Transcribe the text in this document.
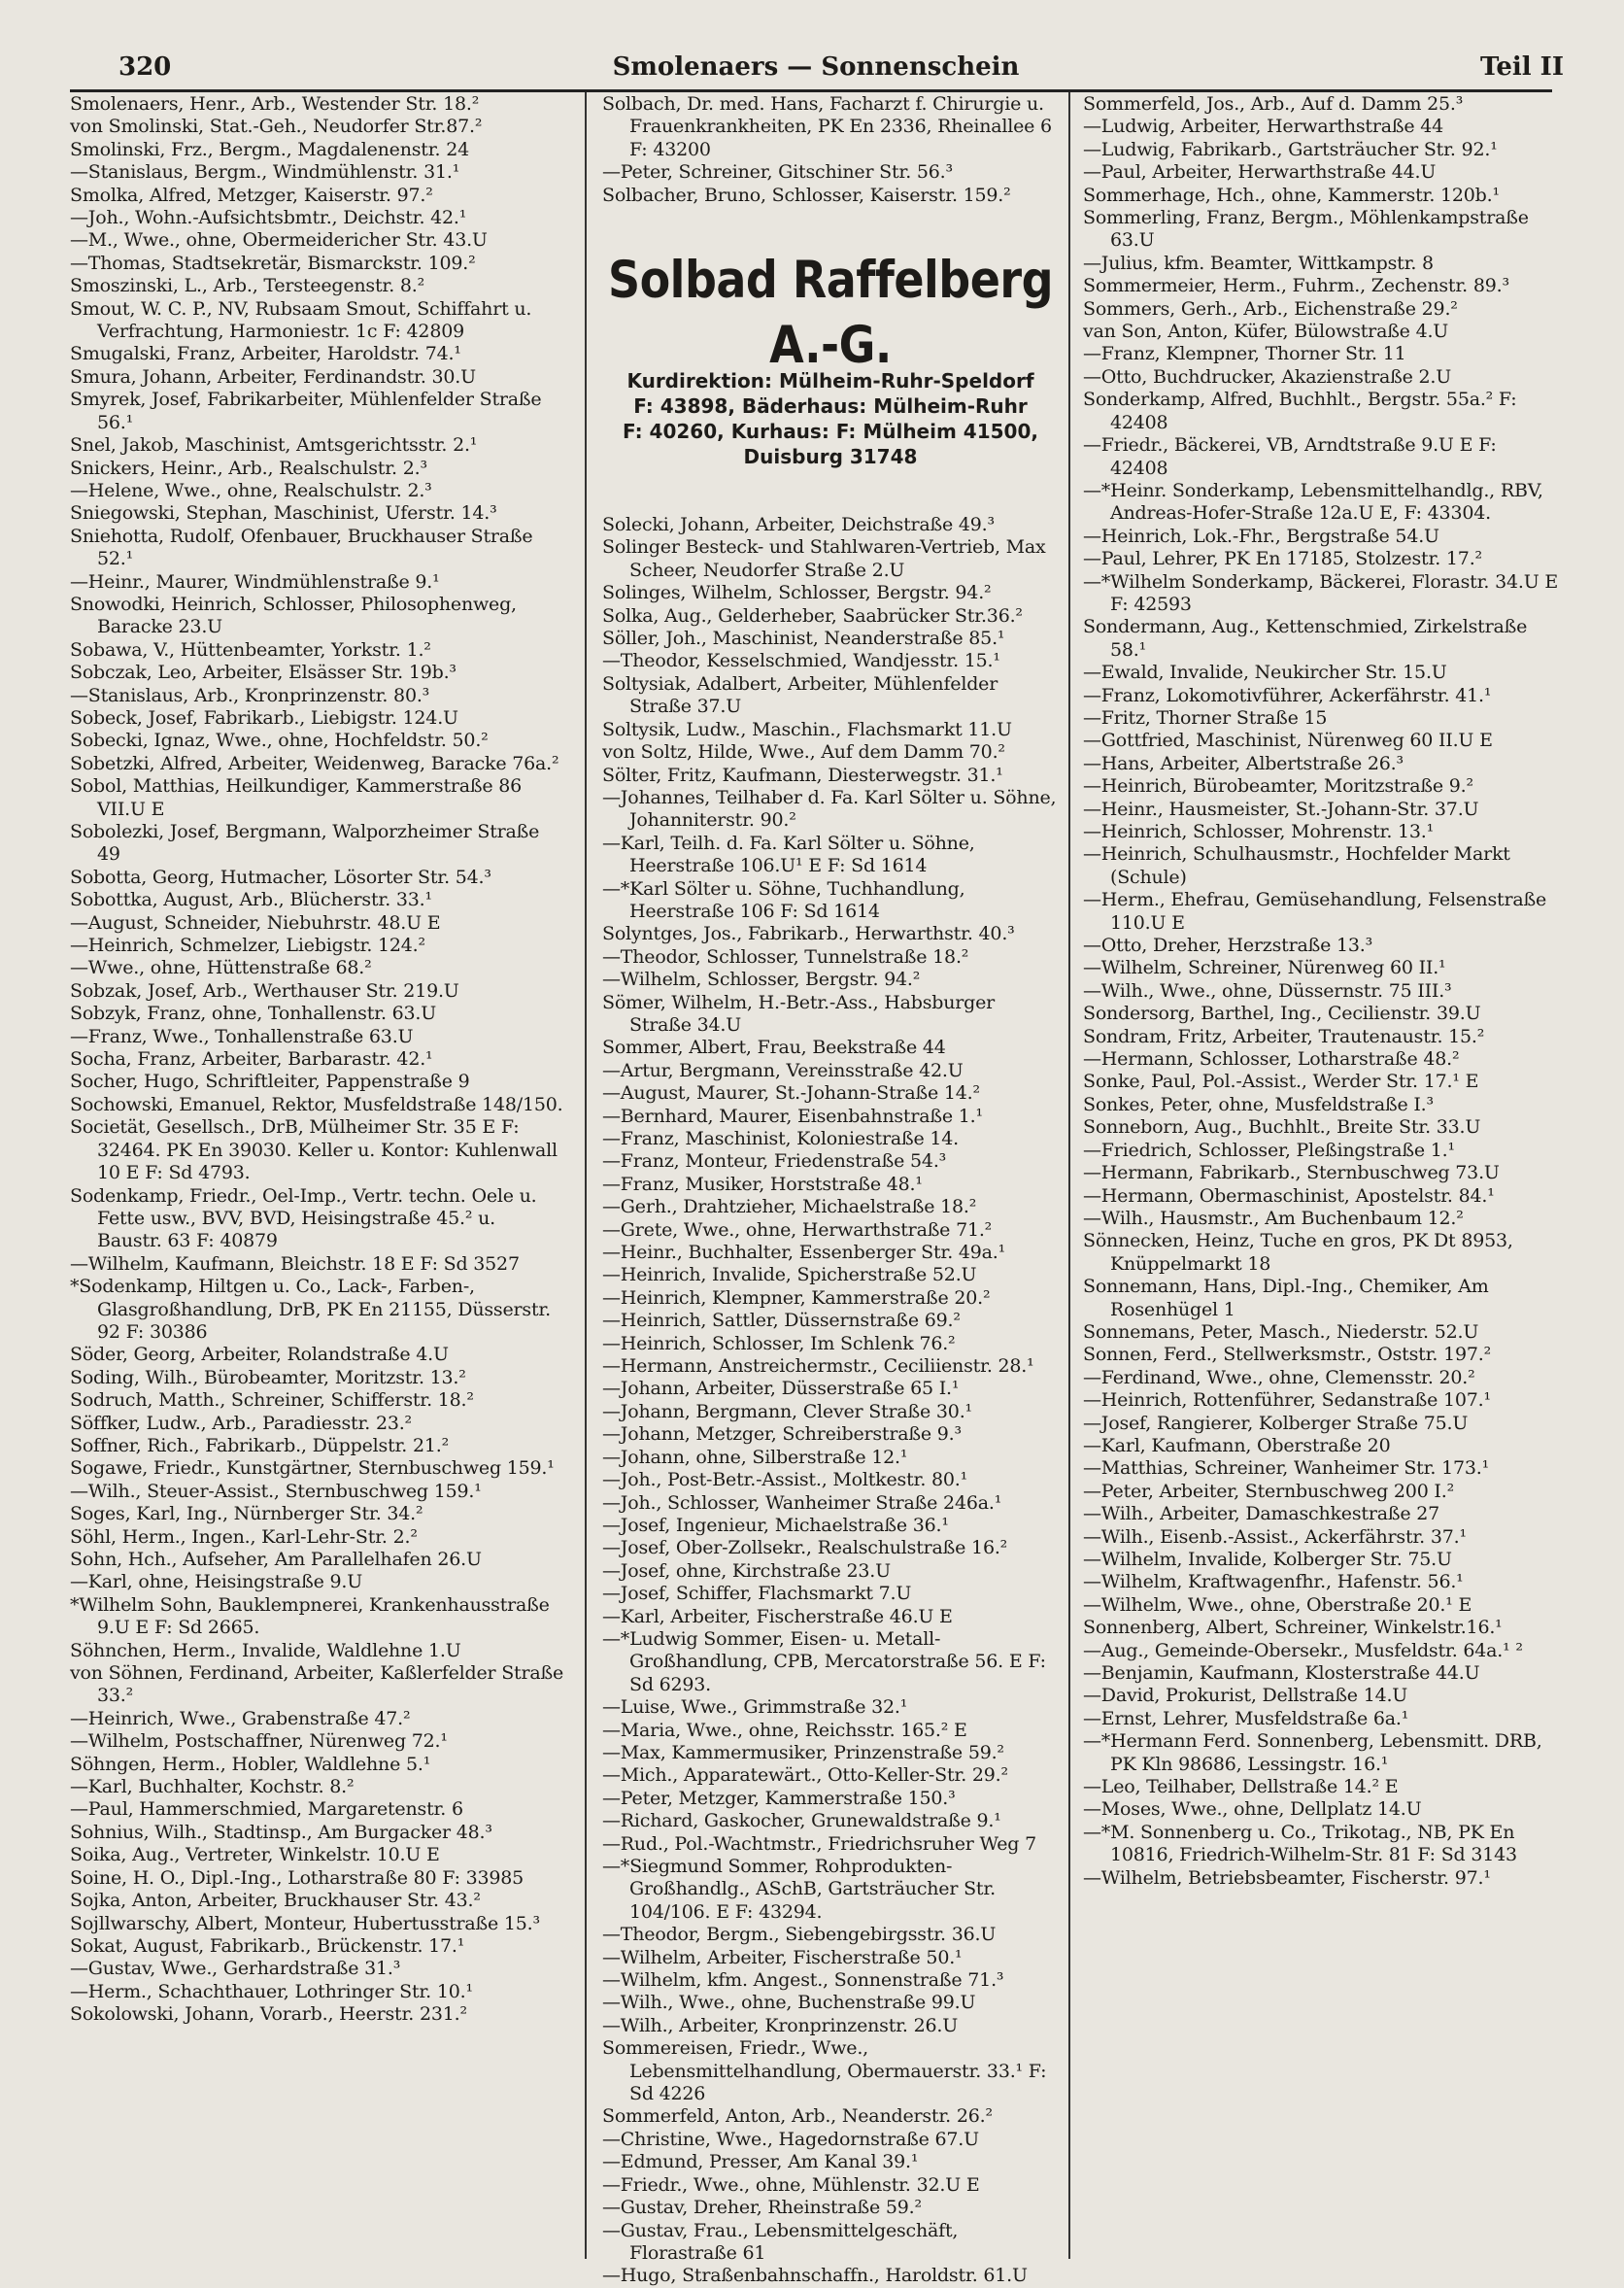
320	Smolenaers — Sonnenschein	Teil II

Smolenaers, Henr., Arb., Westender Str. 18.²

von Smolinski, Stat.-Geh., Neudorfer Str.87.²

Smolinski, Frz., Bergm., Magdalenenstr. 24

—Stanislaus, Bergm., Windmühlenstr. 31.¹

Smolka, Alfred, Metzger, Kaiserstr. 97.²

—Joh., Wohn.-Aufsichtsbmtr., Deichstr. 42.¹

—M., Wwe., ohne, Obermeidericher Str. 43.U

—Thomas, Stadtsekretär, Bismarckstr. 109.²

Smoszinski, L., Arb., Tersteegenstr. 8.²

Smout, W. C. P., NV, Rubsaam Smout, Schiffahrt u. Verfrachtung, Harmoniestr. 1c F: 42809

Smugalski, Franz, Arbeiter, Haroldstr. 74.¹

Smura, Johann, Arbeiter, Ferdinandstr. 30.U

Smyrek, Josef, Fabrikarbeiter, Mühlenfelder Straße 56.¹

Snel, Jakob, Maschinist, Amtsgerichtsstr. 2.¹

Snickers, Heinr., Arb., Realschulstr. 2.³

—Helene, Wwe., ohne, Realschulstr. 2.³

Sniegowski, Stephan, Maschinist, Uferstr. 14.³

Sniehotta, Rudolf, Ofenbauer, Bruckhauser Straße 52.¹

—Heinr., Maurer, Windmühlenstraße 9.¹

Snowodki, Heinrich, Schlosser, Philosophenweg, Baracke 23.U

Sobawa, V., Hüttenbeamter, Yorkstr. 1.²

Sobczak, Leo, Arbeiter, Elsässer Str. 19b.³

—Stanislaus, Arb., Kronprinzenstr. 80.³

Sobeck, Josef, Fabrikarb., Liebigstr. 124.U

Sobecki, Ignaz, Wwe., ohne, Hochfeldstr. 50.²

Sobetzki, Alfred, Arbeiter, Weidenweg, Baracke 76a.²

Sobol, Matthias, Heilkundiger, Kammerstraße 86 VII.U E

Sobolezki, Josef, Bergmann, Walporzheimer Straße 49

Sobotta, Georg, Hutmacher, Lösorter Str. 54.³

Sobottka, August, Arb., Blücherstr. 33.¹

—August, Schneider, Niebuhrstr. 48.U E

—Heinrich, Schmelzer, Liebigstr. 124.²

—Wwe., ohne, Hüttenstraße 68.²

Sobzak, Josef, Arb., Werthauser Str. 219.U

Sobzyk, Franz, ohne, Tonhallenstr. 63.U

—Franz, Wwe., Tonhallenstraße 63.U

Socha, Franz, Arbeiter, Barbarastr. 42.¹

Socher, Hugo, Schriftleiter, Pappenstraße 9

Sochowski, Emanuel, Rektor, Musfeldstraße 148/150.

Societät, Gesellsch., DrB, Mülheimer Str. 35 E F: 32464. PK En 39030. Keller u. Kontor: Kuhlenwall 10 E F: Sd 4793.

Sodenkamp, Friedr., Oel-Imp., Vertr. techn. Oele u. Fette usw., BVV, BVD, Heisingstraße 45.² u. Baustr. 63 F: 40879

—Wilhelm, Kaufmann, Bleichstr. 18 E F: Sd 3527

*Sodenkamp, Hiltgen u. Co., Lack-, Farben-, Glasgroßhandlung, DrB, PK En 21155, Düsserstr. 92 F: 30386

Söder, Georg, Arbeiter, Rolandstraße 4.U

Soding, Wilh., Bürobeamter, Moritzstr. 13.²

Sodruch, Matth., Schreiner, Schifferstr. 18.²

Söffker, Ludw., Arb., Paradiesstr. 23.²

Soffner, Rich., Fabrikarb., Düppelstr. 21.²

Sogawe, Friedr., Kunstgärtner, Sternbuschweg 159.¹

—Wilh., Steuer-Assist., Sternbuschweg 159.¹

Soges, Karl, Ing., Nürnberger Str. 34.²

Söhl, Herm., Ingen., Karl-Lehr-Str. 2.²

Sohn, Hch., Aufseher, Am Parallelhafen 26.U

—Karl, ohne, Heisingstraße 9.U

*Wilhelm Sohn, Bauklempnerei, Krankenhausstraße 9.U E F: Sd 2665.

Söhnchen, Herm., Invalide, Waldlehne 1.U

von Söhnen, Ferdinand, Arbeiter, Kaßlerfelder Straße 33.²

—Heinrich, Wwe., Grabenstraße 47.²

—Wilhelm, Postschaffner, Nürenweg 72.¹

Söhngen, Herm., Hobler, Waldlehne 5.¹

—Karl, Buchhalter, Kochstr. 8.²

—Paul, Hammerschmied, Margaretenstr. 6

Sohnius, Wilh., Stadtinsp., Am Burgacker 48.³

Soika, Aug., Vertreter, Winkelstr. 10.U E

Soine, H. O., Dipl.-Ing., Lotharstraße 80 F: 33985

Sojka, Anton, Arbeiter, Bruckhauser Str. 43.²

Sojllwarschy, Albert, Monteur, Hubertusstraße 15.³

Sokat, August, Fabrikarb., Brückenstr. 17.¹

—Gustav, Wwe., Gerhardstraße 31.³

—Herm., Schachthauer, Lothringer Str. 10.¹

Sokolowski, Johann, Vorarb., Heerstr. 231.²

Solbach, Dr. med. Hans, Facharzt f. Chirurgie u. Frauenkrankheiten, PK En 2336, Rheinallee 6 F: 43200

—Peter, Schreiner, Gitschiner Str. 56.³

Solbacher, Bruno, Schlosser, Kaiserstr. 159.²

Solbad Raffelberg A.-G.
Kurdirektion: Mülheim-Ruhr-Speldorf
F: 43898, Bäderhaus: Mülheim-Ruhr
F: 40260, Kurhaus: F: Mülheim 41500,
Duisburg 31748

Solecki, Johann, Arbeiter, Deichstraße 49.³

Solinger Besteck- und Stahlwaren-Vertrieb, Max Scheer, Neudorfer Straße 2.U

Solinges, Wilhelm, Schlosser, Bergstr. 94.²

Solka, Aug., Gelderheber, Saabrücker Str.36.²

Söller, Joh., Maschinist, Neanderstraße 85.¹

—Theodor, Kesselschmied, Wandjesstr. 15.¹

Soltysiak, Adalbert, Arbeiter, Mühlenfelder Straße 37.U

Soltysik, Ludw., Maschin., Flachsmarkt 11.U

von Soltz, Hilde, Wwe., Auf dem Damm 70.²

Sölter, Fritz, Kaufmann, Diesterwegstr. 31.¹

—Johannes, Teilhaber d. Fa. Karl Sölter u. Söhne, Johanniterstr. 90.²

—Karl, Teilh. d. Fa. Karl Sölter u. Söhne, Heerstraße 106.U¹ E F: Sd 1614

—*Karl Sölter u. Söhne, Tuchhandlung, Heerstraße 106 F: Sd 1614

Solyntges, Jos., Fabrikarb., Herwarthstr. 40.³

—Theodor, Schlosser, Tunnelstraße 18.²

—Wilhelm, Schlosser, Bergstr. 94.²

Sömer, Wilhelm, H.-Betr.-Ass., Habsburger Straße 34.U

Sommer, Albert, Frau, Beekstraße 44

—Artur, Bergmann, Vereinsstraße 42.U

—August, Maurer, St.-Johann-Straße 14.²

—Bernhard, Maurer, Eisenbahnstraße 1.¹

—Franz, Maschinist, Koloniestraße 14.

—Franz, Monteur, Friedenstraße 54.³

—Franz, Musiker, Horststraße 48.¹

—Gerh., Drahtzieher, Michaelstraße 18.²

—Grete, Wwe., ohne, Herwarthstraße 71.²

—Heinr., Buchhalter, Essenberger Str. 49a.¹

—Heinrich, Invalide, Spicherstraße 52.U

—Heinrich, Klempner, Kammerstraße 20.²

—Heinrich, Sattler, Düssernstraße 69.²

—Heinrich, Schlosser, Im Schlenk 76.²

—Hermann, Anstreichermstr., Ceciliienstr. 28.¹

—Johann, Arbeiter, Düsserstraße 65 I.¹

—Johann, Bergmann, Clever Straße 30.¹

—Johann, Metzger, Schreiberstraße 9.³

—Johann, ohne, Silberstraße 12.¹

—Joh., Post-Betr.-Assist., Moltkestr. 80.¹

—Joh., Schlosser, Wanheimer Straße 246a.¹

—Josef, Ingenieur, Michaelstraße 36.¹

—Josef, Ober-Zollsekr., Realschulstraße 16.²

—Josef, ohne, Kirchstraße 23.U

—Josef, Schiffer, Flachsmarkt 7.U

—Karl, Arbeiter, Fischerstraße 46.U E

—*Ludwig Sommer, Eisen- u. Metall-Großhandlung, CPB, Mercatorstraße 56. E F: Sd 6293.

—Luise, Wwe., Grimmstraße 32.¹

—Maria, Wwe., ohne, Reichsstr. 165.² E

—Max, Kammermusiker, Prinzenstraße 59.²

—Mich., Apparatewärt., Otto-Keller-Str. 29.²

—Peter, Metzger, Kammerstraße 150.³

—Richard, Gaskocher, Grunewaldstraße 9.¹

—Rud., Pol.-Wachtmstr., Friedrichsruher Weg 7

—*Siegmund Sommer, Rohprodukten-Großhandlg., ASchB, Gartsträucher Str. 104/106. E F: 43294.

—Theodor, Bergm., Siebengebirgsstr. 36.U

—Wilhelm, Arbeiter, Fischerstraße 50.¹

—Wilhelm, kfm. Angest., Sonnenstraße 71.³

—Wilh., Wwe., ohne, Buchenstraße 99.U

—Wilh., Arbeiter, Kronprinzenstr. 26.U

Sommereisen, Friedr., Wwe., Lebensmittelhandlung, Obermauerstr. 33.¹ F: Sd 4226

Sommerfeld, Anton, Arb., Neanderstr. 26.²

—Christine, Wwe., Hagedornstraße 67.U

—Edmund, Presser, Am Kanal 39.¹

—Friedr., Wwe., ohne, Mühlenstr. 32.U E

—Gustav, Dreher, Rheinstraße 59.²

—Gustav, Frau., Lebensmittelgeschäft, Florastraße 61

—Hugo, Straßenbahnschaffn., Haroldstr. 61.U

Sommerfeld, Jos., Arb., Auf d. Damm 25.³

—Ludwig, Arbeiter, Herwarthstraße 44

—Ludwig, Fabrikarb., Gartsträucher Str. 92.¹

—Paul, Arbeiter, Herwarthstraße 44.U

Sommerhage, Hch., ohne, Kammerstr. 120b.¹

Sommerling, Franz, Bergm., Möhlenkampstraße 63.U

—Julius, kfm. Beamter, Wittkampstr. 8

Sommermeier, Herm., Fuhrm., Zechenstr. 89.³

Sommers, Gerh., Arb., Eichenstraße 29.²

van Son, Anton, Küfer, Bülowstraße 4.U

—Franz, Klempner, Thorner Str. 11

—Otto, Buchdrucker, Akazienstraße 2.U

Sonderkamp, Alfred, Buchhlt., Bergstr. 55a.² F: 42408

—Friedr., Bäckerei, VB, Arndtstraße 9.U E F: 42408

—*Heinr. Sonderkamp, Lebensmittelhandlg., RBV, Andreas-Hofer-Straße 12a.U E, F: 43304.

—Heinrich, Lok.-Fhr., Bergstraße 54.U

—Paul, Lehrer, PK En 17185, Stolzestr. 17.²

—*Wilhelm Sonderkamp, Bäckerei, Florastr. 34.U E F: 42593

Sondermann, Aug., Kettenschmied, Zirkelstraße 58.¹

—Ewald, Invalide, Neukircher Str. 15.U

—Franz, Lokomotivführer, Ackerfährstr. 41.¹

—Fritz, Thorner Straße 15

—Gottfried, Maschinist, Nürenweg 60 II.U E

—Hans, Arbeiter, Albertstraße 26.³

—Heinrich, Bürobeamter, Moritzstraße 9.²

—Heinr., Hausmeister, St.-Johann-Str. 37.U

—Heinrich, Schlosser, Mohrenstr. 13.¹

—Heinrich, Schulhausmstr., Hochfelder Markt (Schule)

—Herm., Ehefrau, Gemüsehandlung, Felsenstraße 110.U E

—Otto, Dreher, Herzstraße 13.³

—Wilhelm, Schreiner, Nürenweg 60 II.¹

—Wilh., Wwe., ohne, Düssernstr. 75 III.³

Sondersorg, Barthel, Ing., Cecilienstr. 39.U

Sondram, Fritz, Arbeiter, Trautenaustr. 15.²

—Hermann, Schlosser, Lotharstraße 48.²

Sonke, Paul, Pol.-Assist., Werder Str. 17.¹ E

Sonkes, Peter, ohne, Musfeldstraße I.³

Sonneborn, Aug., Buchhlt., Breite Str. 33.U

—Friedrich, Schlosser, Pleßingstraße 1.¹

—Hermann, Fabrikarb., Sternbuschweg 73.U

—Hermann, Obermaschinist, Apostelstr. 84.¹

—Wilh., Hausmstr., Am Buchenbaum 12.²

Sönnecken, Heinz, Tuche en gros, PK Dt 8953, Knüppelmarkt 18

Sonnemann, Hans, Dipl.-Ing., Chemiker, Am Rosenhügel 1

Sonnemans, Peter, Masch., Niederstr. 52.U

Sonnen, Ferd., Stellwerksmstr., Oststr. 197.²

—Ferdinand, Wwe., ohne, Clemensstr. 20.²

—Heinrich, Rottenführer, Sedanstraße 107.¹

—Josef, Rangierer, Kolberger Straße 75.U

—Karl, Kaufmann, Oberstraße 20

—Matthias, Schreiner, Wanheimer Str. 173.¹

—Peter, Arbeiter, Sternbuschweg 200 I.²

—Wilh., Arbeiter, Damaschkestraße 27

—Wilh., Eisenb.-Assist., Ackerfährstr. 37.¹

—Wilhelm, Invalide, Kolberger Str. 75.U

—Wilhelm, Kraftwagenfhr., Hafenstr. 56.¹

—Wilhelm, Wwe., ohne, Oberstraße 20.¹ E

Sonnenberg, Albert, Schreiner, Winkelstr.16.¹

—Aug., Gemeinde-Obersekr., Musfeldstr. 64a.¹ ²

—Benjamin, Kaufmann, Klosterstraße 44.U

—David, Prokurist, Dellstraße 14.U

—Ernst, Lehrer, Musfeldstraße 6a.¹

—*Hermann Ferd. Sonnenberg, Lebensmitt. DRB, PK Kln 98686, Lessingstr. 16.¹

—Leo, Teilhaber, Dellstraße 14.² E

—Moses, Wwe., ohne, Dellplatz 14.U

—*M. Sonnenberg u. Co., Trikotag., NB, PK En 10816, Friedrich-Wilhelm-Str. 81 F: Sd 3143

—Wilhelm, Betriebsbeamter, Fischerstr. 97.¹
